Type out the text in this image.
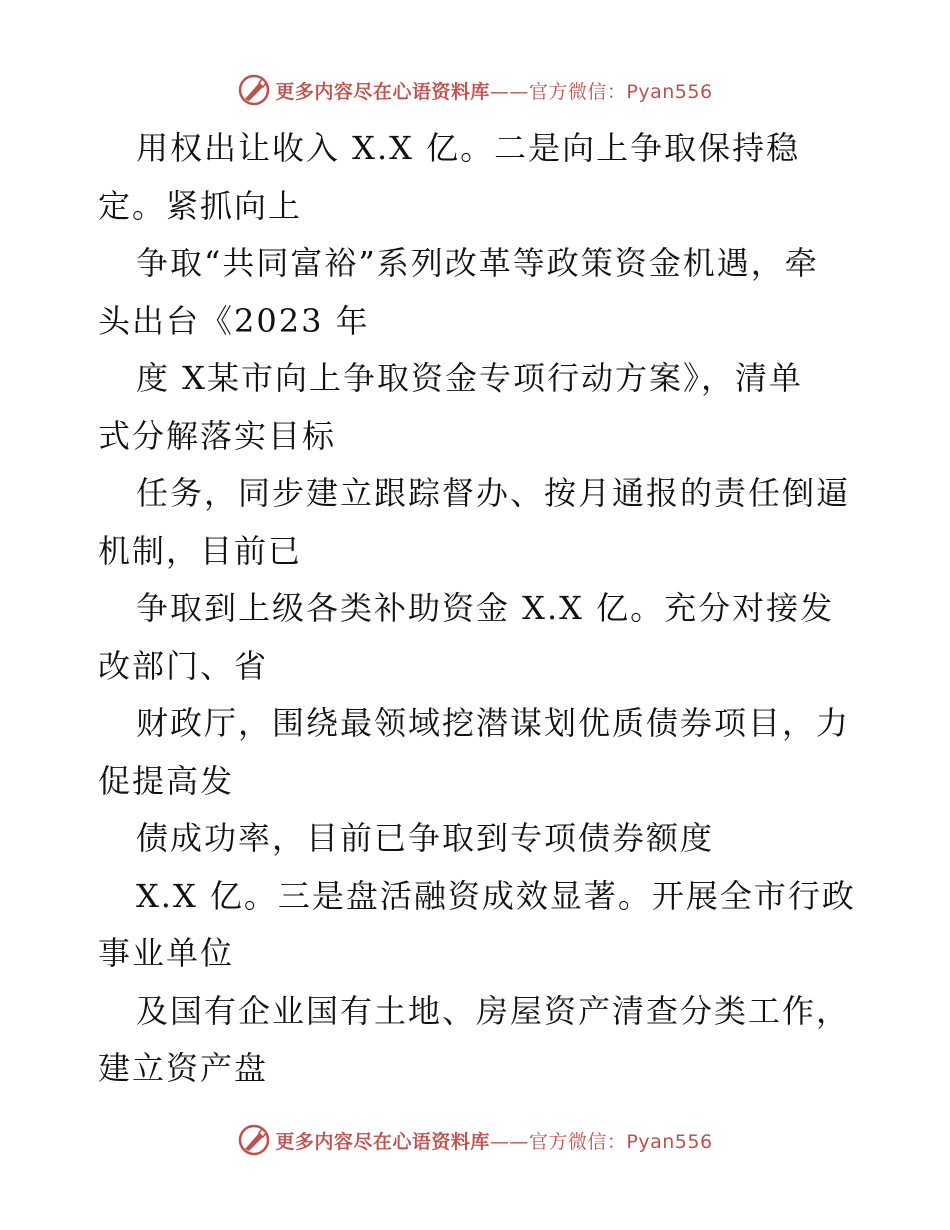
更多内容尽在心语资料库——官方微信：Pyan556
用权出让收入 X.X 亿。二是向上争取保持稳
定。紧抓向上
争取“共同富裕”系列改革等政策资金机遇，牵
头出台《2023 年
度 X某市向上争取资金专项行动方案》，清单
式分解落实目标
任务，同步建立跟踪督办、按月通报的责任倒逼
机制，目前已
争取到上级各类补助资金 X.X 亿。充分对接发
改部门、省
财政厅，围绕最领域挖潜谋划优质债券项目，力
促提高发
债成功率，目前已争取到专项债券额度
X.X 亿。三是盘活融资成效显著。开展全市行政
事业单位
及国有企业国有土地、房屋资产清查分类工作，
建立资产盘
更多内容尽在心语资料库——官方微信：Pyan556
